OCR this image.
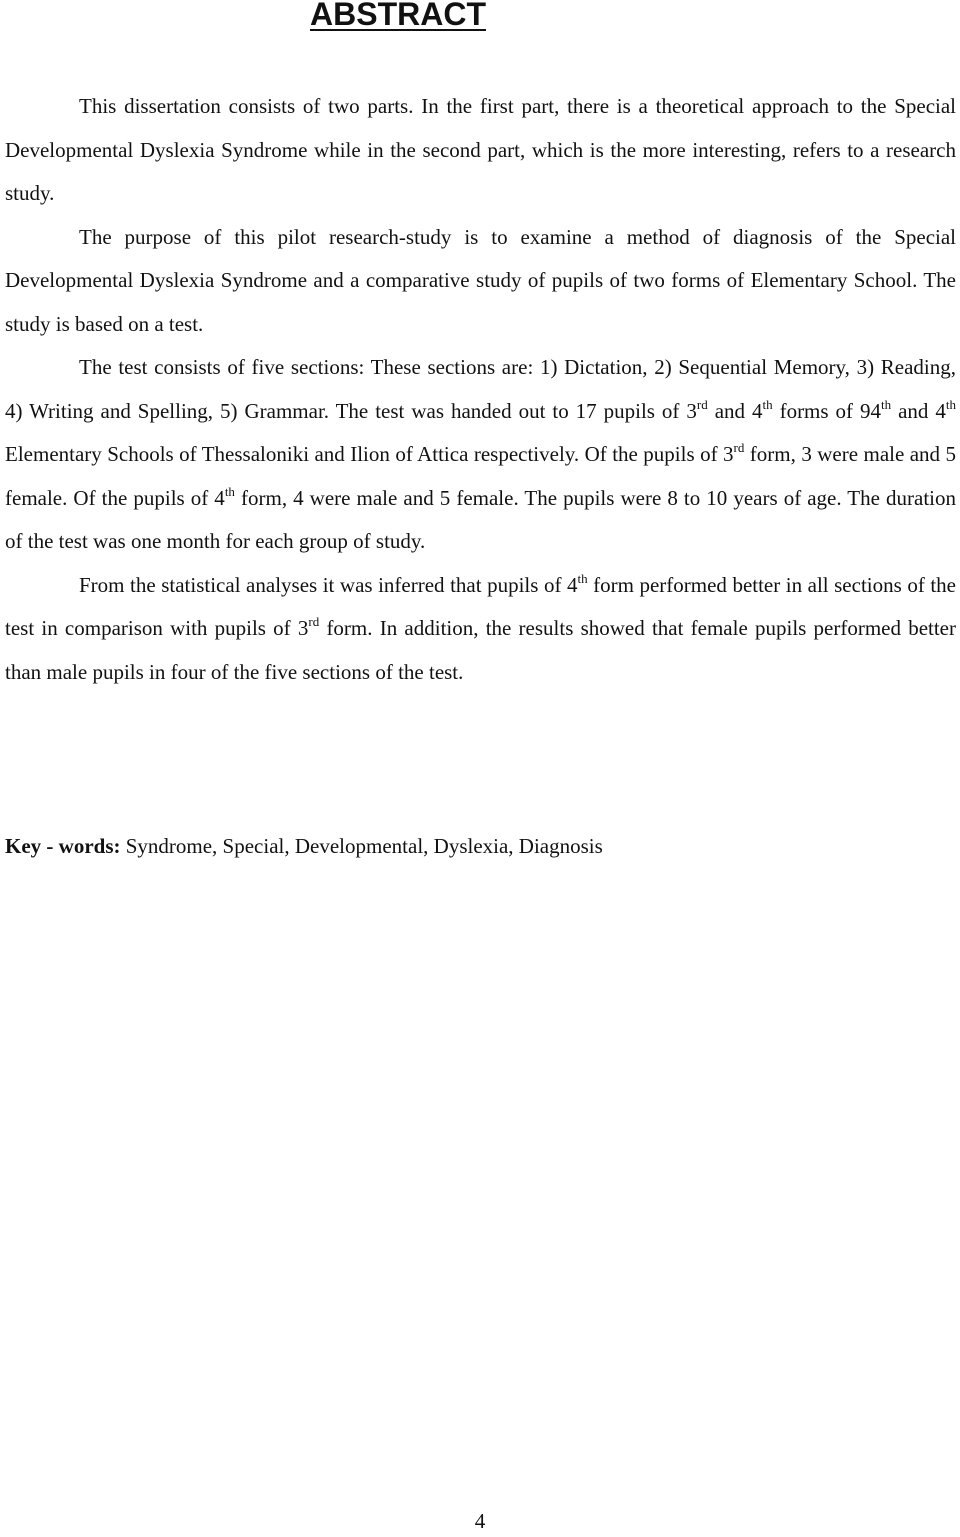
ABSTRACT

This dissertation consists of two parts. In the first part, there is a theoretical approach to the Special Developmental Dyslexia Syndrome while in the second part, which is the more interesting, refers to a research study.

The purpose of this pilot research-study is to examine a method of diagnosis of the Special Developmental Dyslexia Syndrome and a comparative study of pupils of two forms of Elementary School. The study is based on a test.

The test consists of five sections: These sections are: 1) Dictation, 2) Sequential Memory, 3) Reading, 4) Writing and Spelling, 5) Grammar. The test was handed out to 17 pupils of 3rd and 4th forms of 94th and 4th Elementary Schools of Thessaloniki and Ilion of Attica respectively. Of the pupils of 3rd form, 3 were male and 5 female. Of the pupils of 4th form, 4 were male and 5 female. The pupils were 8 to 10 years of age. The duration of the test was one month for each group of study.

From the statistical analyses it was inferred that pupils of 4th form performed better in all sections of the test in comparison with pupils of 3rd form. In addition, the results showed that female pupils performed better than male pupils in four of the five sections of the test.

Key - words: Syndrome, Special, Developmental, Dyslexia, Diagnosis

4
